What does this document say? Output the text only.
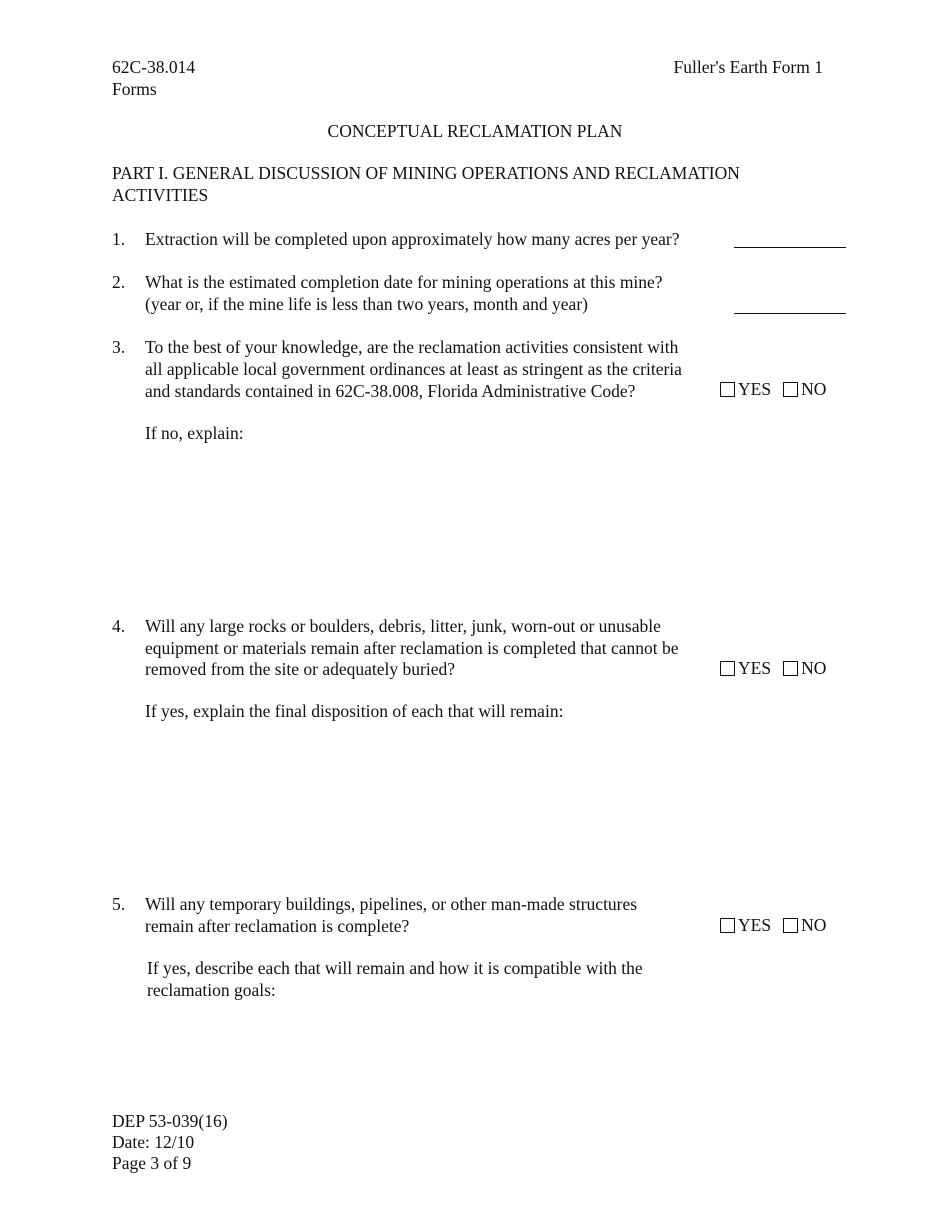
62C-38.014
Forms
Fuller's Earth Form 1
CONCEPTUAL RECLAMATION PLAN
PART I. GENERAL DISCUSSION OF MINING OPERATIONS AND RECLAMATION
ACTIVITIES
1. Extraction will be completed upon approximately how many acres per year?
2. What is the estimated completion date for mining operations at this mine?
(year or, if the mine life is less than two years, month and year)
3. To the best of your knowledge, are the reclamation activities consistent with
all applicable local government ordinances at least as stringent as the criteria
and standards contained in 62C-38.008, Florida Administrative Code?	YES NO
If no, explain:
4. Will any large rocks or boulders, debris, litter, junk, worn-out or unusable
equipment or materials remain after reclamation is completed that cannot be
removed from the site or adequately buried?	YES NO
If yes, explain the final disposition of each that will remain:
5. Will any temporary buildings, pipelines, or other man-made structures
remain after reclamation is complete?	YES NO
If yes, describe each that will remain and how it is compatible with the
reclamation goals:
DEP 53-039(16)
Date: 12/10
Page 3 of 9
